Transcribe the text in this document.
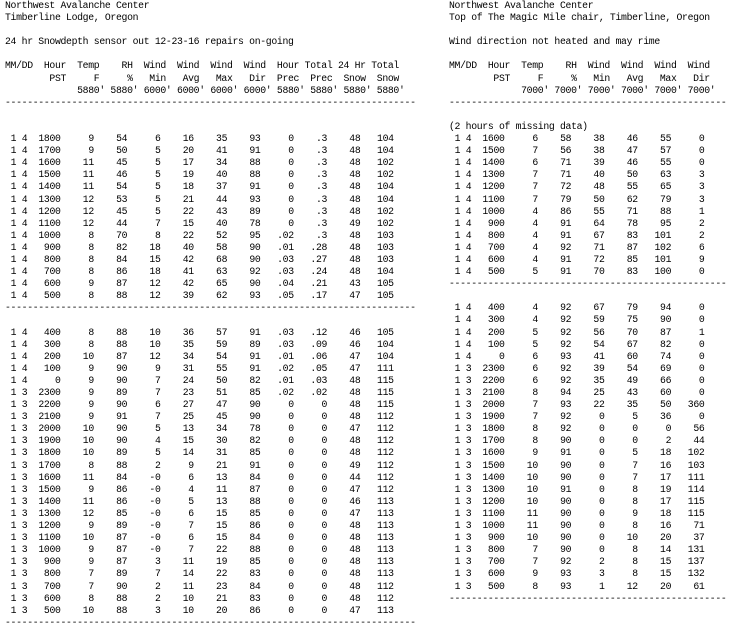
Northwest Avalanche Center
Timberline Lodge, Oregon
24 hr Snowdepth sensor out 12-23-16 repairs on-going
MM/DD  Hour  Temp    RH  Wind  Wind  Wind  Wind  Hour Total 24 Hr Total
PST     F     %   Min   Avg   Max   Dir  Prec  Prec  Snow  Snow
5880' 5880' 6000' 6000' 6000' 6000' 5880' 5880' 5880' 5880'
--------------------------------------------------------------------------
1 4 1800	9 54	6 16 35 93	0 .3 48 104
1 4 1700	9 50	5 20 41 91	0 .3 48 104
1 4 1600 11 45	5 17 34 88	0 .3 48 102
1 4 1500 11 46	5 19 40 88	0 .3 48 102
1 4 1400 11 54	5 18 37 91	0 .3 48 104
1 4 1300 12 53	5 21 44 93	0 .3 48 104
1 4 1200 12 45	5 22 43 89	0 .3 48 102
1 4 1100 12 44	7 15 40 78	0 .3 49 102
1 4 1000	8 70	8 22 52 95 .02 .3 48 103
1 4 900	8 82 18 40 58 90 .01 .28 48 103
1 4 800	8 84 15 42 68 90 .03 .27 48 103
1 4 700	8 86 18 41 63 92 .03 .24 48 104
1 4 600	9 87 12 42 65 90 .04 .21 43 105
1 4 500	8 88 12 39 62 93 .05 .17 47 105
--------------------------------------------------------------------------
1 4 400	8 88 10 36 57 91 .03 .12 46 105
1 4 300	8 88 10 35 59 89 .03 .09 46 104
1 4 200 10 87 12 34 54 91 .01 .06 47 104
1 4 100	9 90	9 31 55 91 .02 .05 47 111
1 4	0	9 90	7 24 50 82 .01 .03 48 115
1 3 2300	9 89	7 23 51 85 .02 .02 48 115
1 3 2200	9 90	6 27 47 90	0	0 48 115
1 3 2100	9 91	7 25 45 90	0	0 48 112
1 3 2000 10 90	5 13 34 78	0	0 47 112
1 3 1900 10 90	4 15 30 82	0	0 48 112
1 3 1800 10 89	5 14 31 85	0	0 48 112
1 3 1700	8 88	2	9 21 91	0	0 49 112
1 3 1600 11 84 -0	6 13 84	0	0 44 112
1 3 1500	9 86 -0	4 11 87	0	0 47 112
1 3 1400 11 86 -0	5 13 88	0	0 46 113
1 3 1300 12 85 -0	6 15 85	0	0 47 113
1 3 1200	9 89 -0	7 15 86	0	0 48 113
1 3 1100 10 87 -0	6 15 84	0	0 48 113
1 3 1000	9 87 -0	7 22 88	0	0 48 113
1 3 900	9 87	3 11 19 85	0	0 48 113
1 3 800	7 89	7 14 22 83	0	0 48 113
1 3 700	7 90	2 11 23 84	0	0 48 112
1 3 600	8 88	2 10 21 83	0	0 48 112
1 3 500 10 88	3 10 20 86	0	0 47 113
--------------------------------------------------------------------------
Northwest Avalanche Center
Top of The Magic Mile chair, Timberline, Oregon
Wind direction not heated and may rime
MM/DD  Hour  Temp    RH  Wind  Wind  Wind  Wind
PST     F     %   Min   Avg   Max   Dir
7000' 7000' 7000' 7000' 7000' 7000'
--------------------------------------------------
(2 hours of missing data)
1 4 1600	6 58 38 46 55	0
1 4 1500	7 56 38 47 57	0
1 4 1400	6 71 39 46 55	0
1 4 1300	7 71 40 50 63	3
1 4 1200	7 72 48 55 65	3
1 4 1100	7 79 50 62 79	3
1 4 1000	4 86 55 71 88	1
1 4 900	4 91 64 78 95	2
1 4 800	4 91 67 83 101	2
1 4 700	4 92 71 87 102	6
1 4 600	4 91 72 85 101	9
1 4 500	5 91 70 83 100	0
--------------------------------------------------
1 4 400	4 92 67 79 94	0
1 4 300	4 92 59 75 90	0
1 4 200	5 92 56 70 87	1
1 4 100	5 92 54 67 82	0
1 4	0	6 93 41 60 74	0
1 3 2300	6 92 39 54 69	0
1 3 2200	6 92 35 49 66	0
1 3 2100	8 94 25 43 60	0
1 3 2000	7 93 22 35 50 360
1 3 1900	7 92	0	5 36	0
1 3 1800	8 92	0	0	0 56
1 3 1700	8 90	0	0	2 44
1 3 1600	9 91	0	5 18 102
1 3 1500 10 90	0	7 16 103
1 3 1400 10 90	0	7 17 111
1 3 1300 10 91	0	8 19 114
1 3 1200 10 90	0	8 17 115
1 3 1100 11 90	0	9 18 115
1 3 1000 11 90	0	8 16 71
1 3 900 10 90	0 10 20 37
1 3 800	7 90	0	8 14 131
1 3 700	7 92	2	8 15 137
1 3 600	9 93	3	8 15 132
1 3 500	8 93	1 12 20 61
--------------------------------------------------
